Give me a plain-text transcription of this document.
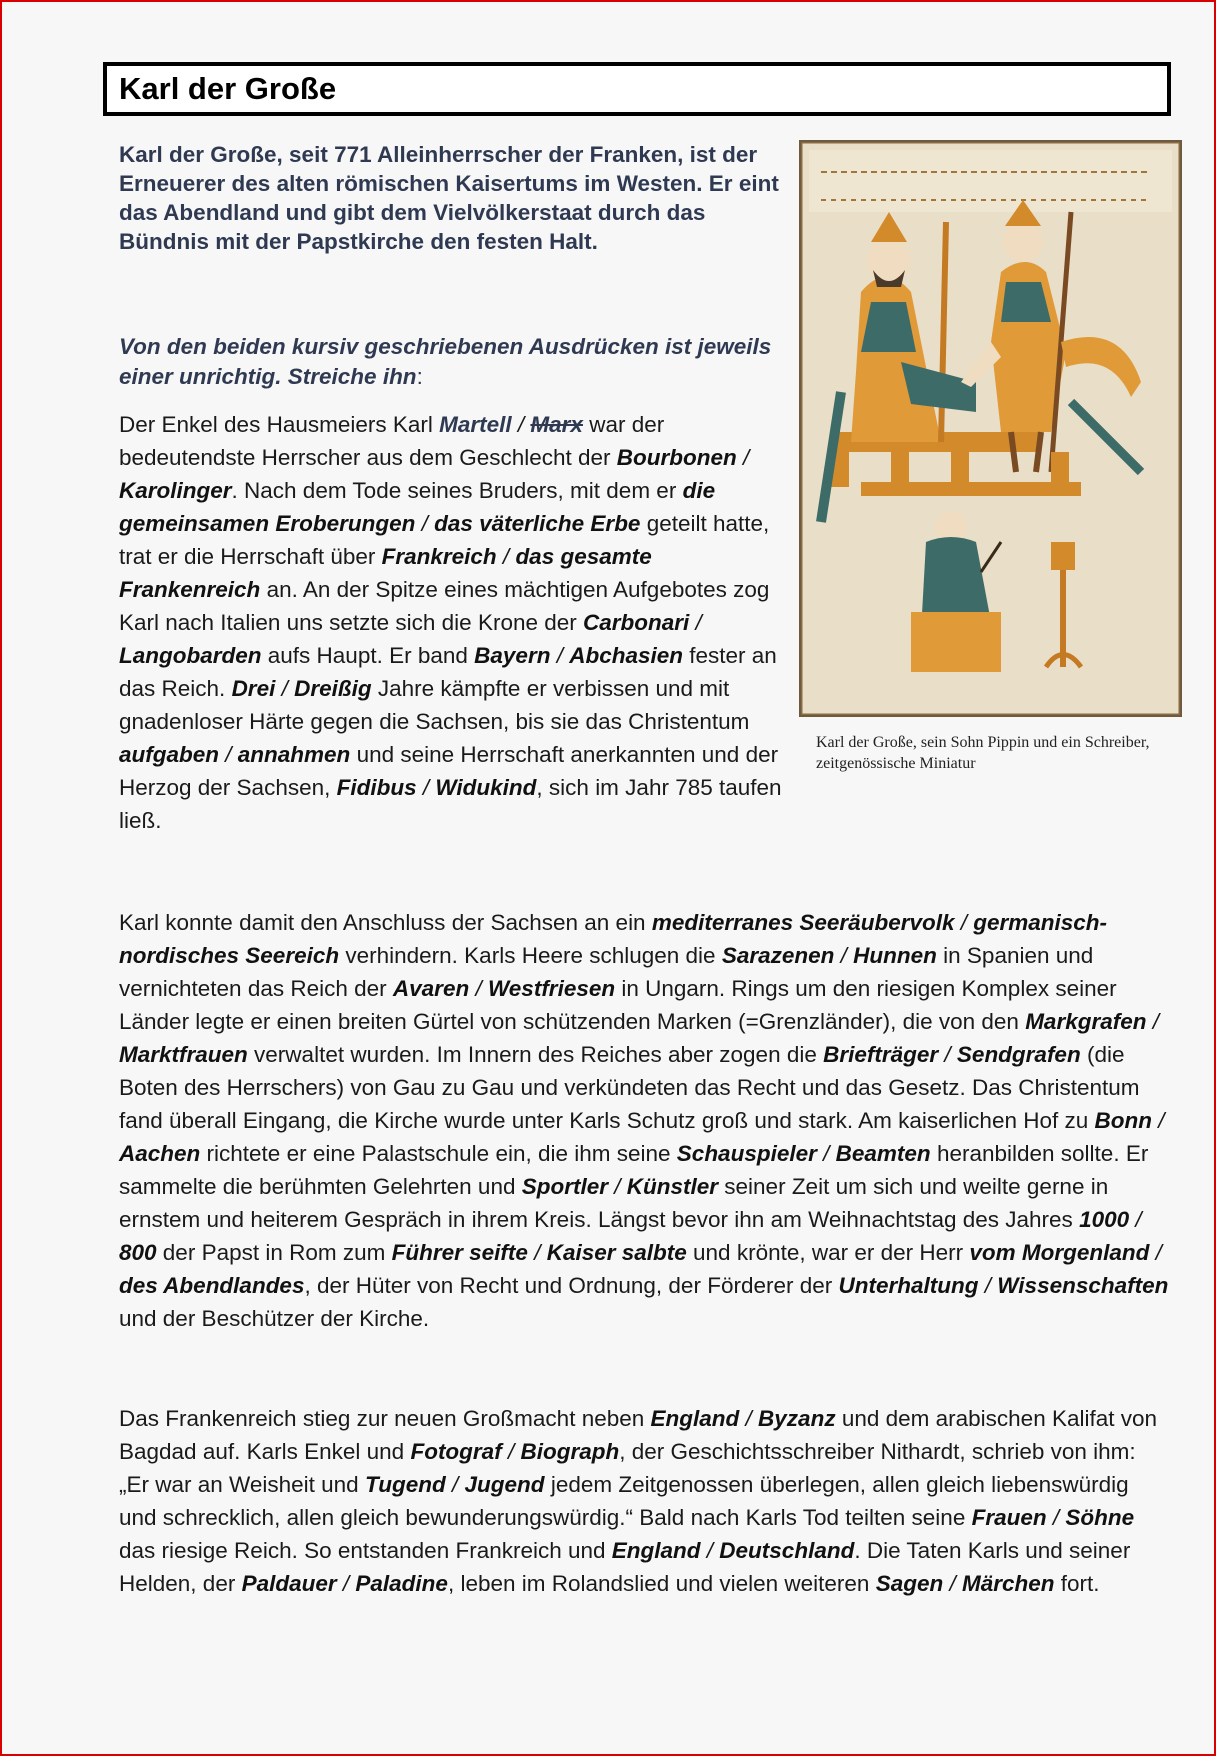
Karl der Große

Karl der Große, seit 771 Alleinherrscher der Franken, ist der Erneuerer des alten römischen Kaisertums im Westen. Er eint das Abendland und gibt dem Vielvölkerstaat durch das Bündnis mit der Papstkirche den festen Halt.

Von den beiden kursiv geschriebenen Ausdrücken ist jeweils einer unrichtig. Streiche ihn:

Der Enkel des Hausmeiers Karl Martell / Marx war der bedeutendste Herrscher aus dem Geschlecht der Bourbonen / Karolinger. Nach dem Tode seines Bruders, mit dem er die gemeinsamen Eroberungen / das väterliche Erbe geteilt hatte, trat er die Herrschaft über Frankreich / das gesamte Frankenreich an. An der Spitze eines mächtigen Aufgebotes zog Karl nach Italien uns setzte sich die Krone der Carbonari / Langobarden aufs Haupt. Er band Bayern / Abchasien fester an das Reich. Drei / Dreißig Jahre kämpfte er verbissen und mit gnadenloser Härte gegen die Sachsen, bis sie das Christentum aufgaben / annahmen und seine Herrschaft anerkannten und der Herzog der Sachsen, Fidibus / Widukind, sich im Jahr 785 taufen ließ.

Karl der Große, sein Sohn Pippin und ein Schreiber, zeitgenössische Miniatur

Karl konnte damit den Anschluss der Sachsen an ein mediterranes Seeräubervolk / germanisch-nordisches Seereich verhindern. Karls Heere schlugen die Sarazenen / Hunnen in Spanien und vernichteten das Reich der Avaren / Westfriesen in Ungarn. Rings um den riesigen Komplex seiner Länder legte er einen breiten Gürtel von schützenden Marken (=Grenzländer), die von den Markgrafen / Marktfrauen verwaltet wurden. Im Innern des Reiches aber zogen die Briefträger / Sendgrafen (die Boten des Herrschers) von Gau zu Gau und verkündeten das Recht und das Gesetz. Das Christentum fand überall Eingang, die Kirche wurde unter Karls Schutz groß und stark. Am kaiserlichen Hof zu Bonn / Aachen richtete er eine Palastschule ein, die ihm seine Schauspieler / Beamten heranbilden sollte. Er sammelte die berühmten Gelehrten und Sportler / Künstler seiner Zeit um sich und weilte gerne in ernstem und heiterem Gespräch in ihrem Kreis. Längst bevor ihn am Weihnachtstag des Jahres 1000 / 800 der Papst in Rom zum Führer seifte / Kaiser salbte und krönte, war er der Herr vom Morgenland / des Abendlandes, der Hüter von Recht und Ordnung, der Förderer der Unterhaltung / Wissenschaften und der Beschützer der Kirche.

Das Frankenreich stieg zur neuen Großmacht neben England / Byzanz und dem arabischen Kalifat von Bagdad auf. Karls Enkel und Fotograf / Biograph, der Geschichtsschreiber Nithardt, schrieb von ihm: „Er war an Weisheit und Tugend / Jugend jedem Zeitgenossen überlegen, allen gleich liebenswürdig und schrecklich, allen gleich bewunderungswürdig.“ Bald nach Karls Tod teilten seine Frauen / Söhne das riesige Reich. So entstanden Frankreich und England / Deutschland. Die Taten Karls und seiner Helden, der Paldauer / Paladine, leben im Rolandslied und vielen weiteren Sagen / Märchen fort.
